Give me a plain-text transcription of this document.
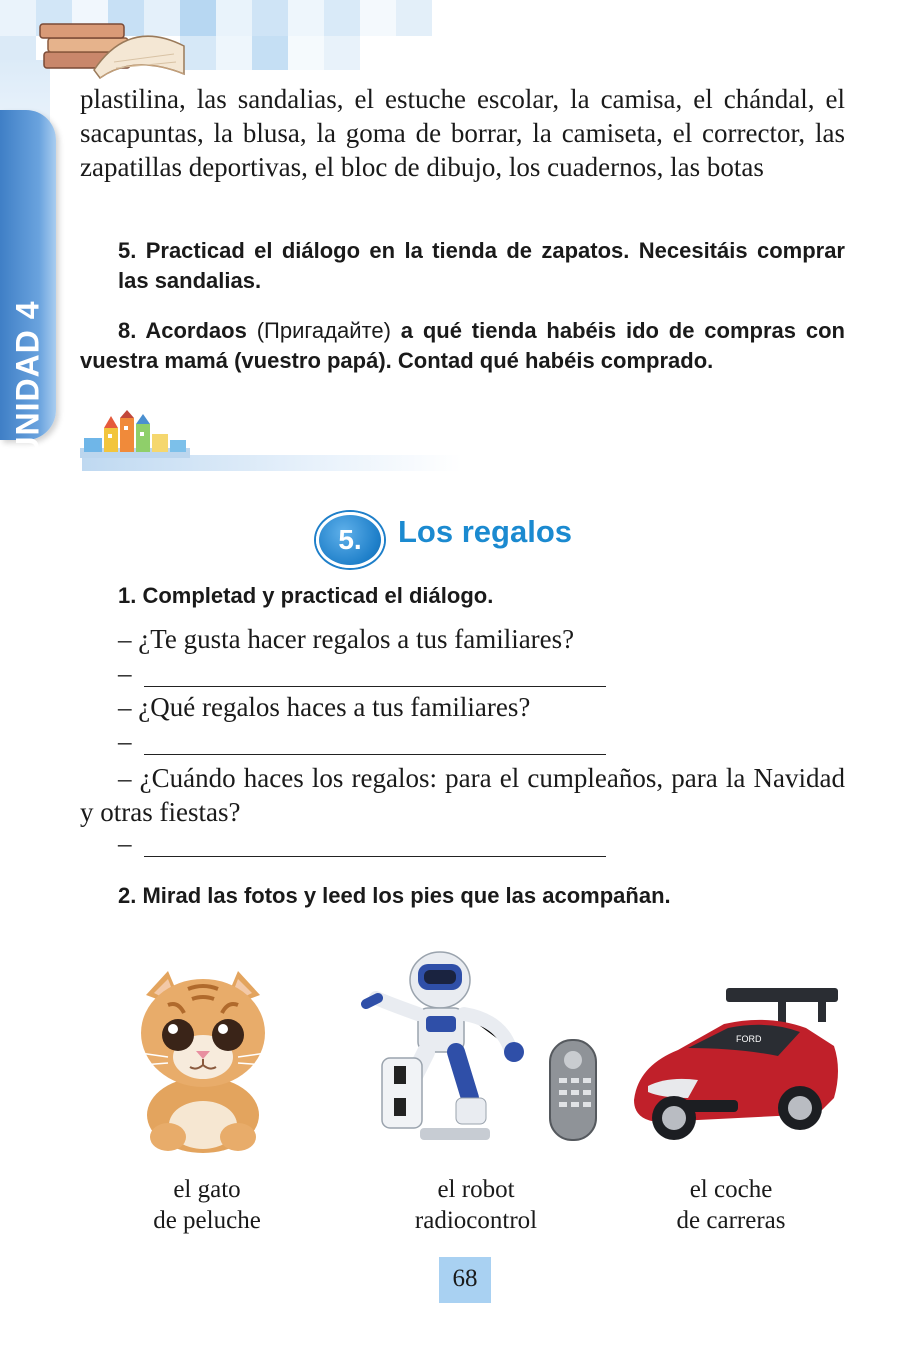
UNIDAD 4

plastilina, las sandalias, el estuche escolar, la camisa, el chándal, el sacapuntas, la blusa, la goma de borrar, la camiseta, el corrector, las zapatillas deportivas, el bloc de dibujo, los cuadernos, las botas

5. Practicad el diálogo en la tienda de zapatos. Necesitáis comprar las sandalias.

8. Acordaos (Пригадайте) a qué tienda habéis ido de compras con vuestra mamá (vuestro papá). Contad qué habéis comprado.

5.	Los regalos

1. Completad y practicad el diálogo.

– ¿Te gusta hacer regalos a tus familiares?

–

– ¿Qué regalos haces a tus familiares?

–

– ¿Cuándo haces los regalos: para el cumpleaños, para la Navidad y otras fiestas?

–

2. Mirad las fotos y leed los pies que las acompañan.

FORD

el gato
de peluche

el robot
radiocontrol

el coche
de carreras

68
